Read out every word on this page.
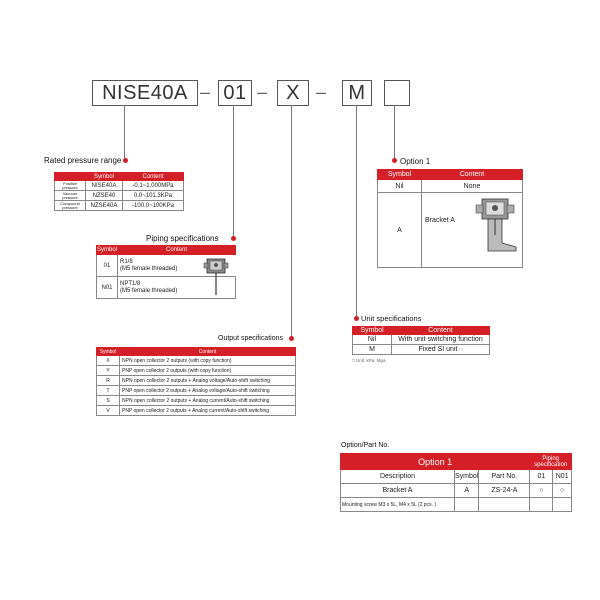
NISE40A – 01 – X –	M
Rated pressure range
	Symbol	Content
Positive pressure	NISE40A	-0.1~1.000MPa
Vacuum pressure	NZSE40	0.0~101.3KPa
Compound pressure	NZSE40A	-100.0~100KPa
Piping specifications
Symbol	Content
01	R1/8
(M5 female threaded)

N01	NPT1/8
(M5 female threaded)
Output specifications
Symbol	Content
X	NPN open collector 2 outputs (with copy function)
Y	PNP open collector 2 outputs (with copy function)
R	NPN open collector 2 outputs + Analog voltage/Auto-shift switching
T	PNP open collector 2 outputs + Analog voltage/Auto-shift switching
S	NPN open collector 2 outputs + Analog current/Auto-shift switching
V	PNP open collector 2 outputs + Analog current/Auto-shift switching
Option 1
Symbol	Content
Nil	None
A	Bracket A
Unit specifications
Symbol	Content
Nil	With unit switching function
M	Fixed SI unit □
□ Unit: kPa, Mpa
Option/Part No.
Option 1			Piping specification	
Description	Symbol	Part No.	01	N01
Bracket A	A	ZS-24-A	○	○
Mounting screw M3 x 5L, M4 x 5L (2 pcs. )				
